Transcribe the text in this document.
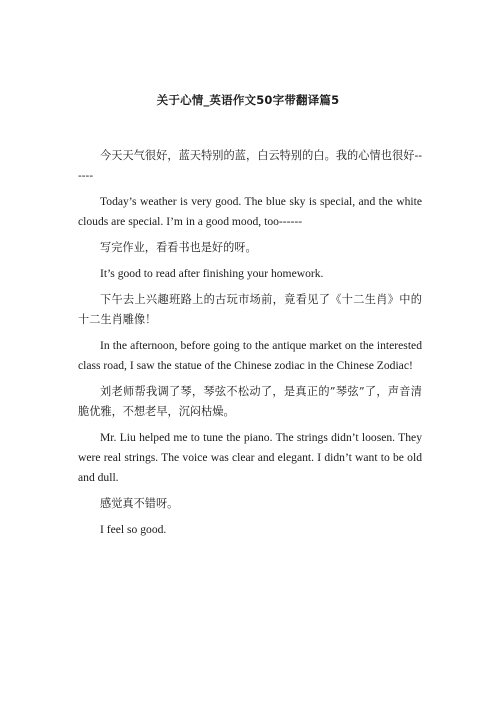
关于心情_英语作文50字带翻译篇5

今天天气很好，蓝天特别的蓝，白云特别的白。我的心情也很好------

Today’s weather is very good. The blue sky is special, and the white clouds are special. I’m in a good mood, too------

写完作业，看看书也是好的呀。

It’s good to read after finishing your homework.

下午去上兴趣班路上的古玩市场前，竟看见了《十二生肖》中的十二生肖雕像！

In the afternoon, before going to the antique market on the interested class road, I saw the statue of the Chinese zodiac in the Chinese Zodiac!

刘老师帮我调了琴，琴弦不松动了，是真正的”琴弦”了，声音清脆优雅，不想老早，沉闷枯燥。

Mr. Liu helped me to tune the piano. The strings didn’t loosen. They were real strings. The voice was clear and elegant. I didn’t want to be old and dull.

感觉真不错呀。

I feel so good.
